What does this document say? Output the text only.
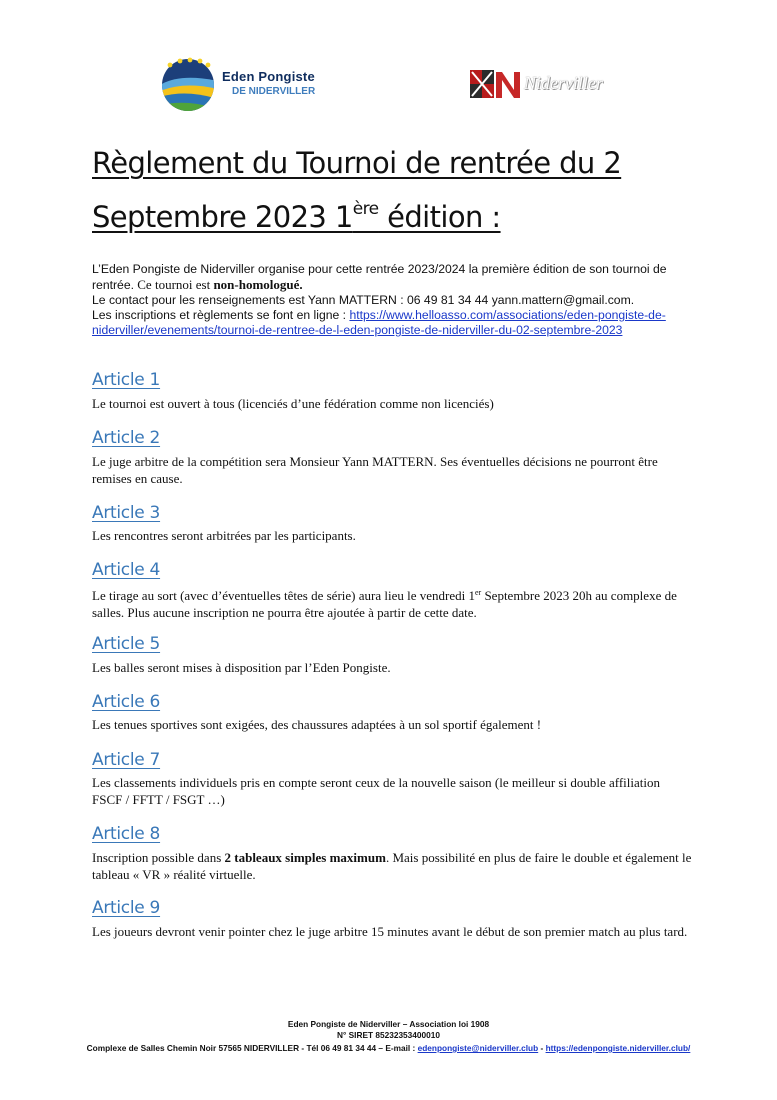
Eden Pongiste
DE NIDERVILLER	Niderviller
Règlement du Tournoi de rentrée du 2
Septembre 2023 1ère édition :
L’Eden Pongiste de Niderviller organise pour cette rentrée 2023/2024 la première édition de son tournoi de rentrée. Ce tournoi est non-homologué.
Le contact pour les renseignements est Yann MATTERN : 06 49 81 34 44 yann.mattern@gmail.com.
Les inscriptions et règlements se font en ligne : https://www.helloasso.com/associations/eden-pongiste-de-niderviller/evenements/tournoi-de-rentree-de-l-eden-pongiste-de-niderviller-du-02-septembre-2023
Article 1
Le tournoi est ouvert à tous (licenciés d’une fédération comme non licenciés)
Article 2
Le juge arbitre de la compétition sera Monsieur Yann MATTERN. Ses éventuelles décisions ne pourront être remises en cause.
Article 3
Les rencontres seront arbitrées par les participants.
Article 4
Le tirage au sort (avec d’éventuelles têtes de série) aura lieu le vendredi 1er Septembre 2023 20h au complexe de salles. Plus aucune inscription ne pourra être ajoutée à partir de cette date.
Article 5
Les balles seront mises à disposition par l’Eden Pongiste.
Article 6
Les tenues sportives sont exigées, des chaussures adaptées à un sol sportif également !
Article 7
Les classements individuels pris en compte seront ceux de la nouvelle saison (le meilleur si double affiliation FSCF / FFTT / FSGT …)
Article 8
Inscription possible dans 2 tableaux simples maximum. Mais possibilité en plus de faire le double et également le tableau « VR » réalité virtuelle.
Article 9
Les joueurs devront venir pointer chez le juge arbitre 15 minutes avant le début de son premier match au plus tard.
Eden Pongiste de Niderviller – Association loi 1908
N° SIRET 85232353400010
Complexe de Salles Chemin Noir 57565 NIDERVILLER - Tél 06 49 81 34 44 – E-mail : edenpongiste@niderviller.club - https://edenpongiste.niderviller.club/
